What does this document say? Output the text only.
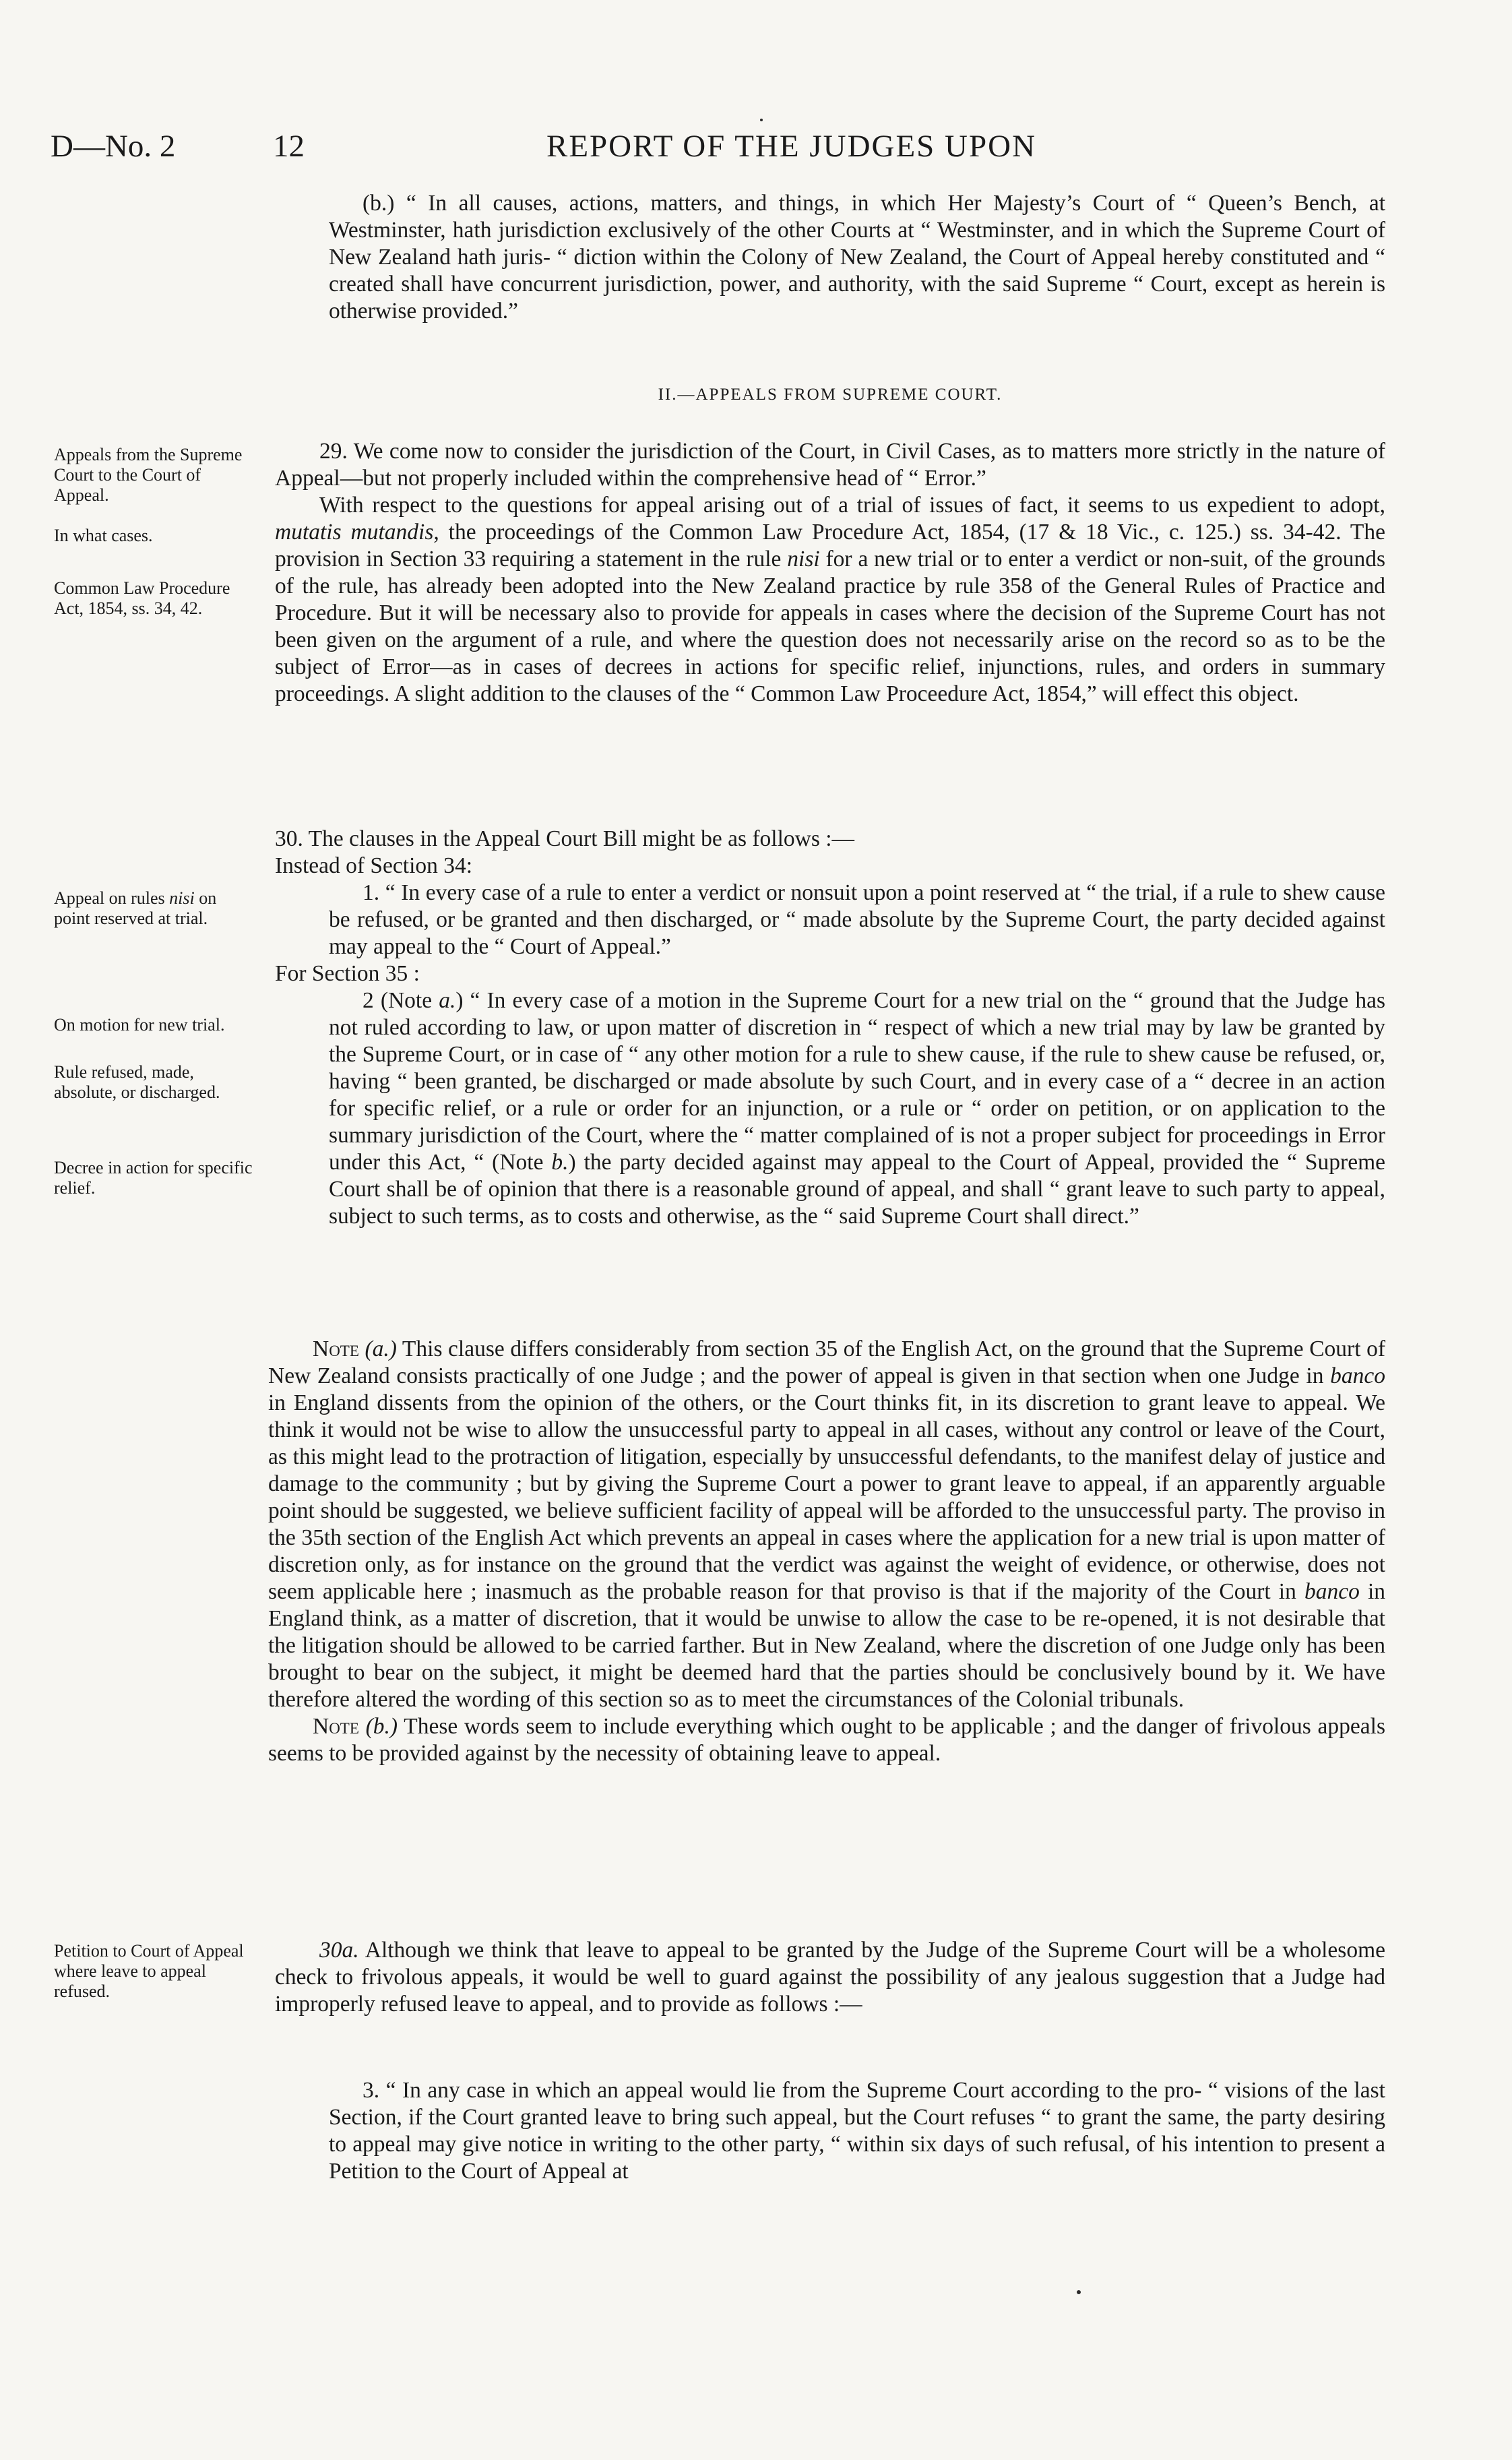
D—No. 2	12	REPORT OF THE JUDGES UPON

(b.) “ In all causes, actions, matters, and things, in which Her Majesty’s Court of “ Queen’s Bench, at Westminster, hath jurisdiction exclusively of the other Courts at “ Westminster, and in which the Supreme Court of New Zealand hath juris- “ diction within the Colony of New Zealand, the Court of Appeal hereby constituted and “ created shall have concurrent jurisdiction, power, and authority, with the said Supreme “ Court, except as herein is otherwise provided.”

II.—APPEALS FROM SUPREME COURT.
Appeals from the Supreme Court to the Court of Appeal.
In what cases.
Common Law Procedure Act, 1854, ss. 34, 42.
Appeal on rules nisi on point reserved at trial.
On motion for new trial.
Rule refused, made, absolute, or discharged.
Decree in action for specific relief.
Petition to Court of Appeal where leave to appeal refused.

29. We come now to consider the jurisdiction of the Court, in Civil Cases, as to matters more strictly in the nature of Appeal—but not properly included within the comprehensive head of “ Error.”

With respect to the questions for appeal arising out of a trial of issues of fact, it seems to us expedient to adopt, mutatis mutandis, the proceedings of the Common Law Procedure Act, 1854, (17 & 18 Vic., c. 125.) ss. 34-42. The provision in Section 33 requiring a statement in the rule nisi for a new trial or to enter a verdict or non-suit, of the grounds of the rule, has already been adopted into the New Zealand practice by rule 358 of the General Rules of Practice and Procedure. But it will be necessary also to provide for appeals in cases where the decision of the Supreme Court has not been given on the argument of a rule, and where the question does not necessarily arise on the record so as to be the subject of Error—as in cases of decrees in actions for specific relief, injunctions, rules, and orders in summary proceedings. A slight addition to the clauses of the “ Common Law Proceedure Act, 1854,” will effect this object.

30. The clauses in the Appeal Court Bill might be as follows :—

Instead of Section 34:

1. “ In every case of a rule to enter a verdict or nonsuit upon a point reserved at “ the trial, if a rule to shew cause be refused, or be granted and then discharged, or “ made absolute by the Supreme Court, the party decided against may appeal to the “ Court of Appeal.”

For Section 35 :

2 (Note a.) “ In every case of a motion in the Supreme Court for a new trial on the “ ground that the Judge has not ruled according to law, or upon matter of discretion in “ respect of which a new trial may by law be granted by the Supreme Court, or in case of “ any other motion for a rule to shew cause, if the rule to shew cause be refused, or, having “ been granted, be discharged or made absolute by such Court, and in every case of a “ decree in an action for specific relief, or a rule or order for an injunction, or a rule or “ order on petition, or on application to the summary jurisdiction of the Court, where the “ matter complained of is not a proper subject for proceedings in Error under this Act, “ (Note b.) the party decided against may appeal to the Court of Appeal, provided the “ Supreme Court shall be of opinion that there is a reasonable ground of appeal, and shall “ grant leave to such party to appeal, subject to such terms, as to costs and otherwise, as the “ said Supreme Court shall direct.”

Note (a.) This clause differs considerably from section 35 of the English Act, on the ground that the Supreme Court of New Zealand consists practically of one Judge ; and the power of appeal is given in that section when one Judge in banco in England dissents from the opinion of the others, or the Court thinks fit, in its discretion to grant leave to appeal. We think it would not be wise to allow the unsuccessful party to appeal in all cases, without any control or leave of the Court, as this might lead to the protraction of litigation, especially by unsuccessful defendants, to the manifest delay of justice and damage to the community ; but by giving the Supreme Court a power to grant leave to appeal, if an apparently arguable point should be suggested, we believe sufficient facility of appeal will be afforded to the unsuccessful party. The proviso in the 35th section of the English Act which prevents an appeal in cases where the application for a new trial is upon matter of discretion only, as for instance on the ground that the verdict was against the weight of evidence, or otherwise, does not seem applicable here ; inasmuch as the probable reason for that proviso is that if the majority of the Court in banco in England think, as a matter of discretion, that it would be unwise to allow the case to be re-opened, it is not desirable that the litigation should be allowed to be carried farther. But in New Zealand, where the discretion of one Judge only has been brought to bear on the subject, it might be deemed hard that the parties should be conclusively bound by it. We have therefore altered the wording of this section so as to meet the circumstances of the Colonial tribunals.

Note (b.) These words seem to include everything which ought to be applicable ; and the danger of frivolous appeals seems to be provided against by the necessity of obtaining leave to appeal.

30a. Although we think that leave to appeal to be granted by the Judge of the Supreme Court will be a wholesome check to frivolous appeals, it would be well to guard against the possibility of any jealous suggestion that a Judge had improperly refused leave to appeal, and to provide as follows :—

3. “ In any case in which an appeal would lie from the Supreme Court according to the pro- “ visions of the last Section, if the Court granted leave to bring such appeal, but the Court refuses “ to grant the same, the party desiring to appeal may give notice in writing to the other party, “ within six days of such refusal, of his intention to present a Petition to the Court of Appeal at
